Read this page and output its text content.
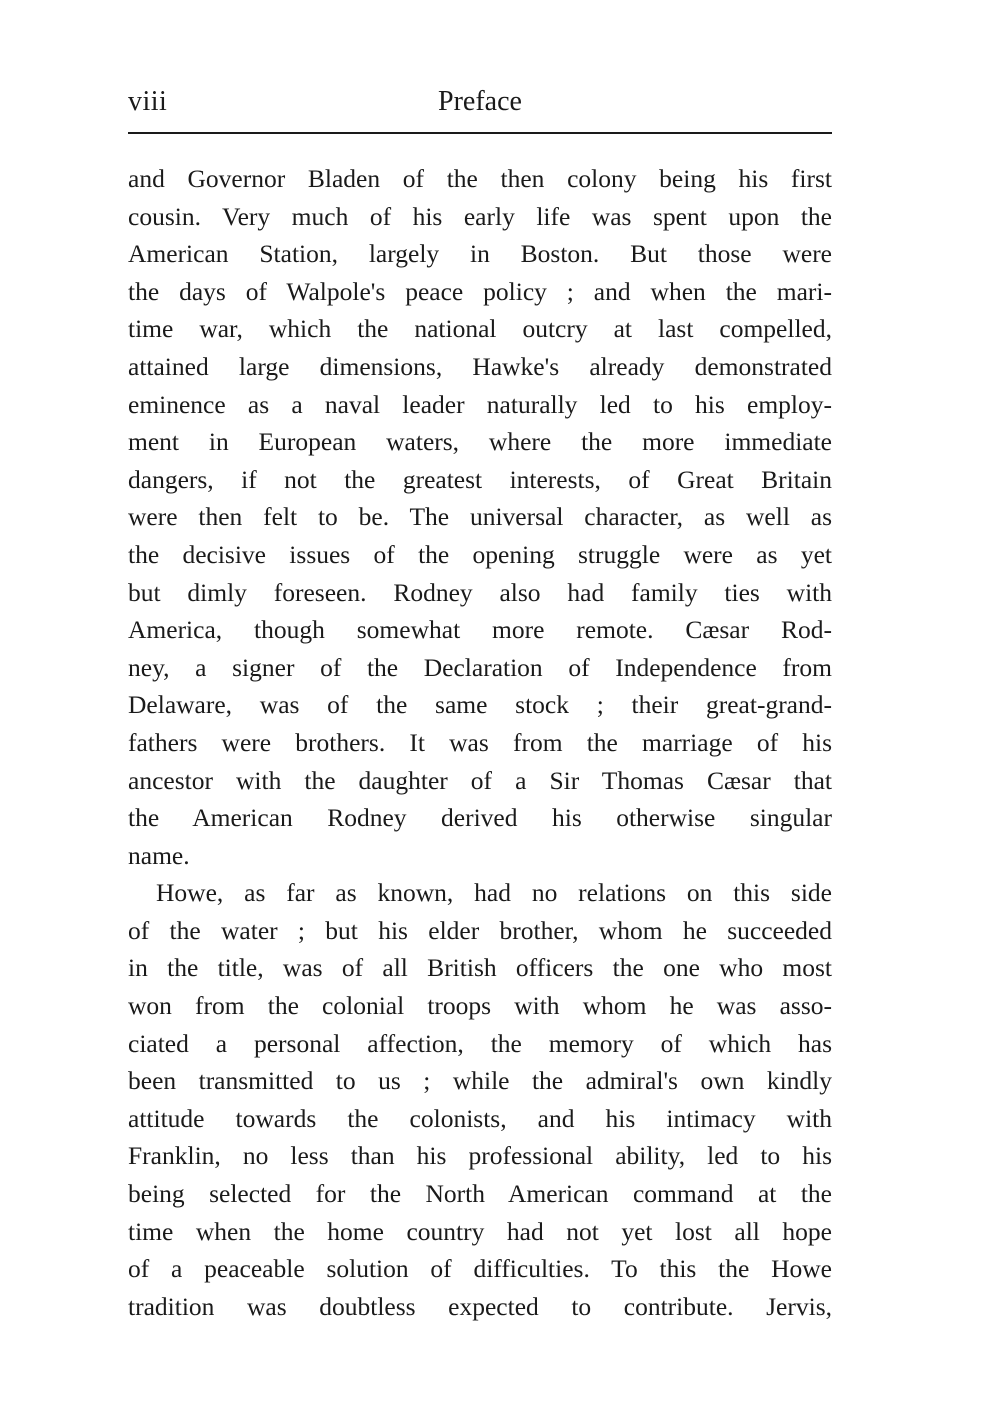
viii	Preface
and Governor Bladen of the then colony being his first
cousin. Very much of his early life was spent upon the
American Station, largely in Boston. But those were
the days of Walpole's peace policy ; and when the mari-
time war, which the national outcry at last compelled,
attained large dimensions, Hawke's already demonstrated
eminence as a naval leader naturally led to his employ-
ment in European waters, where the more immediate
dangers, if not the greatest interests, of Great Britain
were then felt to be. The universal character, as well as
the decisive issues of the opening struggle were as yet
but dimly foreseen. Rodney also had family ties with
America, though somewhat more remote. Cæsar Rod-
ney, a signer of the Declaration of Independence from
Delaware, was of the same stock ; their great-grand-
fathers were brothers. It was from the marriage of his
ancestor with the daughter of a Sir Thomas Cæsar that
the American Rodney derived his otherwise singular
name.
Howe, as far as known, had no relations on this side
of the water ; but his elder brother, whom he succeeded
in the title, was of all British officers the one who most
won from the colonial troops with whom he was asso-
ciated a personal affection, the memory of which has
been transmitted to us ; while the admiral's own kindly
attitude towards the colonists, and his intimacy with
Franklin, no less than his professional ability, led to his
being selected for the North American command at the
time when the home country had not yet lost all hope
of a peaceable solution of difficulties. To this the Howe
tradition was doubtless expected to contribute. Jervis,
